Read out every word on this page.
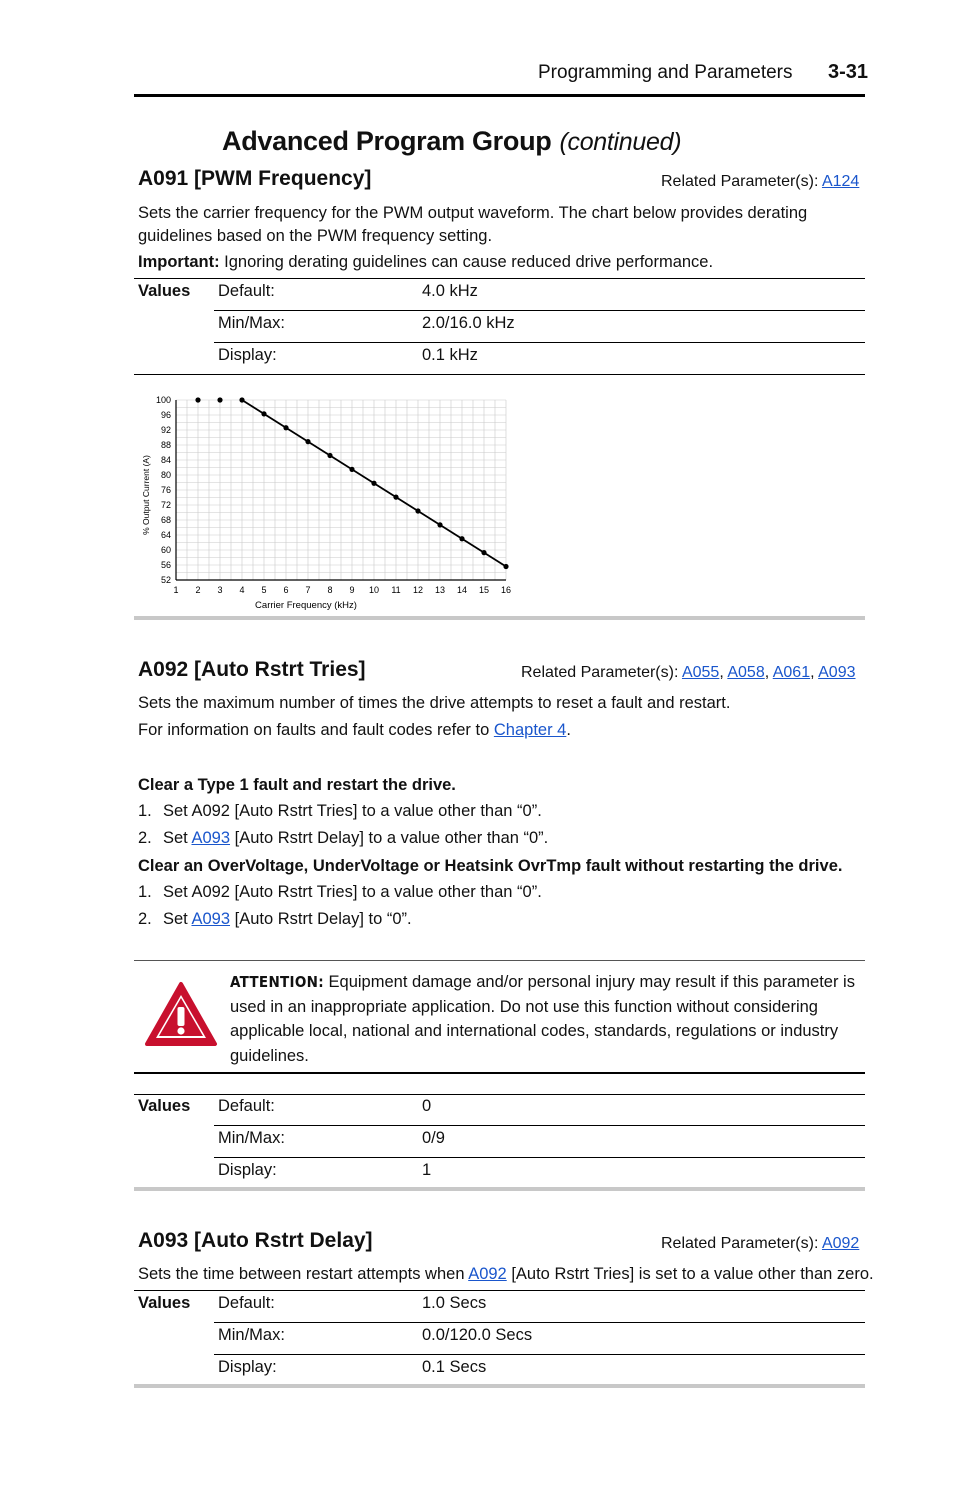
Programming and Parameters 3-31
Advanced Program Group (continued)
A091 [PWM Frequency]	Related Parameter(s): A124
Sets the carrier frequency for the PWM output waveform. The chart below provides derating guidelines based on the PWM frequency setting.
Important: Ignoring derating guidelines can cause reduced drive performance.
Values Default:	4.0 kHz
Min/Max:	2.0/16.0 kHz
Display:	0.1 kHz
1 2 3 4 5 6 7 8 9 10 11 12 13 14 15 16
100
96
92
88
84
80
76
72
68
64
60
56
52
Carrier Frequency (kHz)
% Output Current (A)
A092 [Auto Rstrt Tries]	Related Parameter(s): A055, A058, A061, A093
Sets the maximum number of times the drive attempts to reset a fault and restart.
For information on faults and fault codes refer to Chapter 4.
Clear a Type 1 fault and restart the drive.
1. Set A092 [Auto Rstrt Tries] to a value other than “0”.
2. Set A093 [Auto Rstrt Delay] to a value other than “0”.
Clear an OverVoltage, UnderVoltage or Heatsink OvrTmp fault without restarting the drive.
1. Set A092 [Auto Rstrt Tries] to a value other than “0”.
2. Set A093 [Auto Rstrt Delay] to “0”.
ATTENTION: Equipment damage and/or personal injury may result if this parameter is used in an inappropriate application. Do not use this function without considering applicable local, national and international codes, standards, regulations or industry guidelines.
Values Default:	0
Min/Max:	0/9
Display:	1
A093 [Auto Rstrt Delay]	Related Parameter(s): A092
Sets the time between restart attempts when A092 [Auto Rstrt Tries] is set to a value other than zero.
Values Default:	1.0 Secs
Min/Max:	0.0/120.0 Secs
Display:	0.1 Secs
